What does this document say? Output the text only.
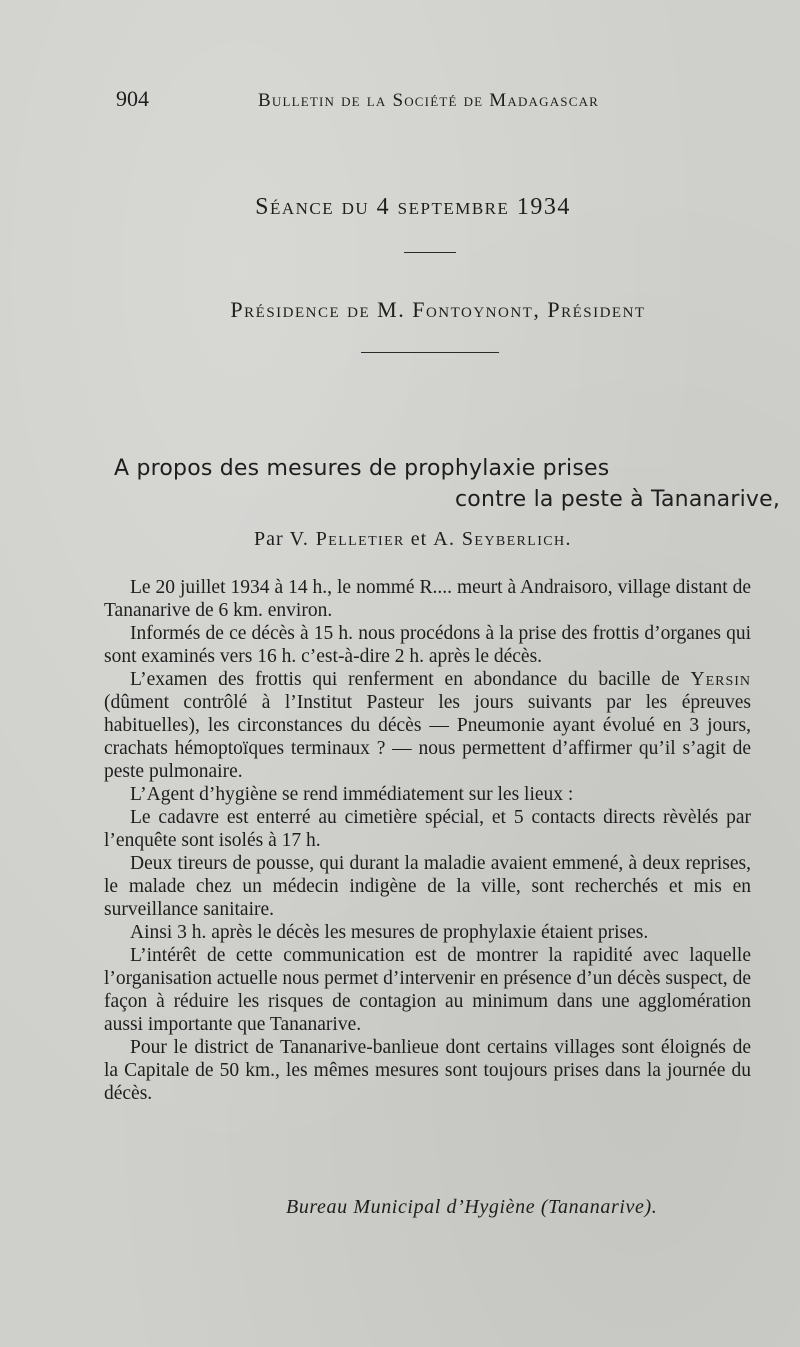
904	Bulletin de la Société de Madagascar
Séance du 4 septembre 1934
Présidence de M. Fontoynont, Président
A propos des mesures de prophylaxie prises
contre la peste à Tananarive,
Par V. Pelletier et A. Seyberlich.

Le 20 juillet 1934 à 14 h., le nommé R.... meurt à Andraisoro, village distant de Tananarive de 6 km. environ.

Informés de ce décès à 15 h. nous procédons à la prise des frottis d’organes qui sont examinés vers 16 h. c’est-à-dire 2 h. après le décès.

L’examen des frottis qui renferment en abondance du bacille de Yersin (dûment contrôlé à l’Institut Pasteur les jours suivants par les épreuves habituelles), les circonstances du décès — Pneumonie ayant évolué en 3 jours, crachats hémoptoïques terminaux ? — nous permettent d’affirmer qu’il s’agit de peste pulmonaire.

L’Agent d’hygiène se rend immédiatement sur les lieux :

Le cadavre est enterré au cimetière spécial, et 5 contacts directs rèvèlés par l’enquête sont isolés à 17 h.

Deux tireurs de pousse, qui durant la maladie avaient emmené, à deux reprises, le malade chez un médecin indigène de la ville, sont recherchés et mis en surveillance sanitaire.

Ainsi 3 h. après le décès les mesures de prophylaxie étaient prises.

L’intérêt de cette communication est de montrer la rapidité avec laquelle l’organisation actuelle nous permet d’intervenir en présence d’un décès suspect, de façon à réduire les risques de contagion au minimum dans une agglomération aussi importante que Tananarive.

Pour le district de Tananarive-banlieue dont certains villages sont éloignés de la Capitale de 50 km., les mêmes mesures sont toujours prises dans la journée du décès.

Bureau Municipal d’Hygiène (Tananarive).
